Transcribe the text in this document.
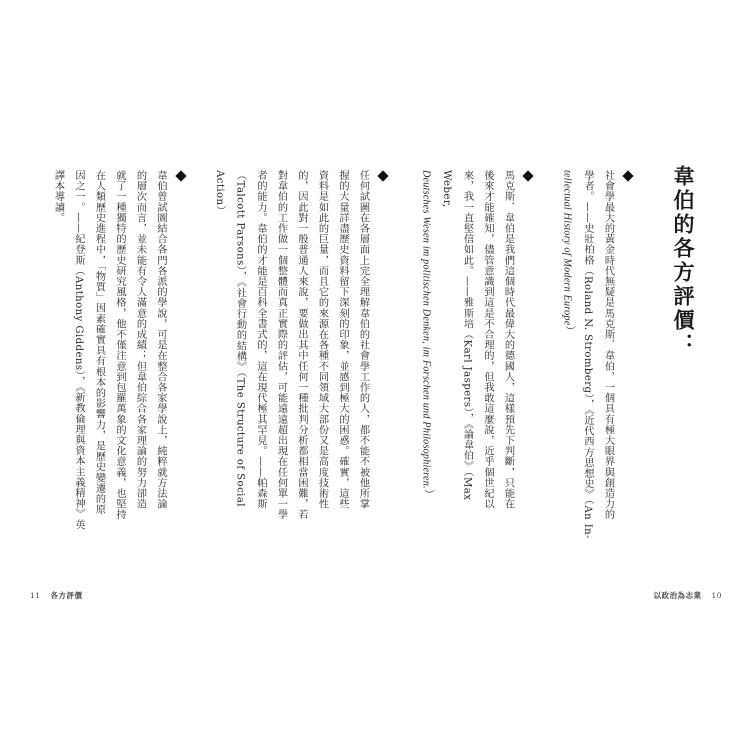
韋伯的各方評價：
社會學最大的黃金時代無疑是馬克斯．韋伯，一個具有極大眼界與創造力的
學者。——史壯柏格（Roland N. Stromberg），《近代西方思想史》（An In-
tellectual History of Modern Europe）
馬克斯．韋伯是我們這個時代最偉大的德國人，這樣預先下判斷，只能在
後來才能確知，儘管意識到這是不合理的，但我敢這麼說，近乎個世紀以
來，我一直堅信如此。——雅斯培（Karl Jaspers），《論韋伯》（Max Weber,
Deutsches Wesen im politischen Denken, im Forschen und Philosophieren.）
任何試圖在各層面上完全理解韋伯的社會學工作的人，都不能不被他所掌
握的大量詳盡歷史資料留下深刻的印象，並感到極大的困惑。確實，這些
資料是如此的巨量，而且它的來源在各種不同領域大部份又是高度技術性
的，因此對一般普通人來說，要做出其中任何一種批判分析都相當困難，若
對韋伯的工作做一個整體而真正實際的評估，可能遠遠超出現在任何單一學
者的能力。韋伯的才能是百科全書式的，這在現代極其罕見。——帕森斯
（Talcott Parsons），《社會行動的結構》（The Structure of Social Action）
韋伯曾試圖結合各門各派的學說，可是在整合各家學說上，純粹就方法論
的層次而言，並未能有令人滿意的成績；但韋伯綜合各家理論的努力卻造
就了一種獨特的歷史研究風格，他不僅注意到包羅萬象的文化意義，也堅持
在人類歷史進程中，「物質」因素確實具有根本的影響力，是歷史變遷的原
因之一。——紀登斯（Anthony Giddens），《新教倫理與資本主義精神》英
譯本導讀。
11 各方評價	以政治為志業 10
